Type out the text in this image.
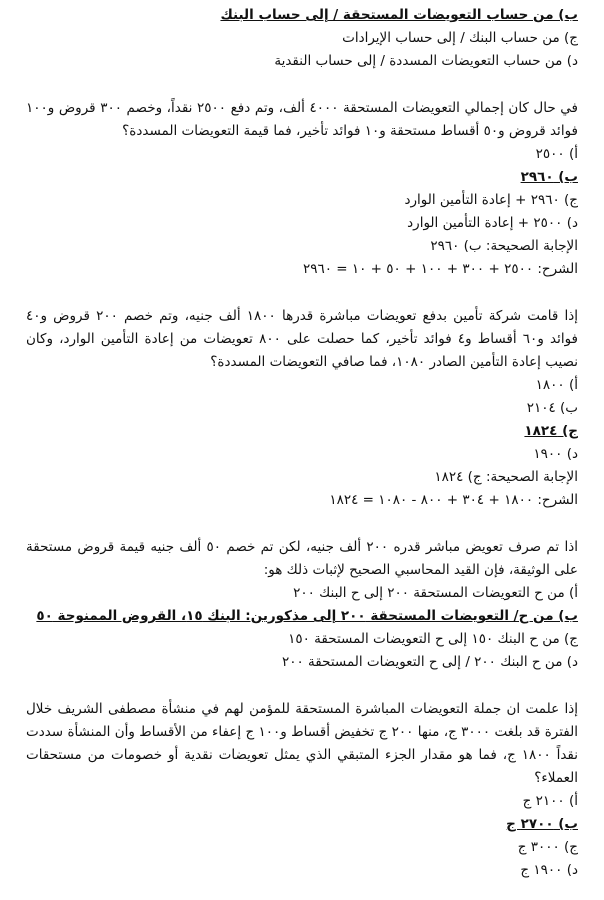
ب) من حساب التعويضات المستحقة / إلى حساب البنك
ج) من حساب البنك / إلى حساب الإيرادات
د) من حساب التعويضات المسددة / إلى حساب النقدية
في حال كان إجمالي التعويضات المستحقة ٤٠٠٠ ألف، وتم دفع ٢٥٠٠ نقداً، وخصم ٣٠٠ قروض و١٠٠ فوائد قروض و٥٠ أقساط مستحقة و١٠ فوائد تأخير، فما قيمة التعويضات المسددة؟
أ) ٢٥٠٠
ب) ٢٩٦٠
ج) ٢٩٦٠ + إعادة التأمين الوارد
د) ٢٥٠٠ + إعادة التأمين الوارد
الإجابة الصحيحة: ب) ٢٩٦٠
الشرح: ٢٥٠٠ + ٣٠٠ + ١٠٠ + ٥٠ + ١٠ = ٢٩٦٠
إذا قامت شركة تأمين بدفع تعويضات مباشرة قدرها ١٨٠٠ ألف جنيه، وتم خصم ٢٠٠ قروض و٤٠ فوائد و٦٠ أقساط و٤ فوائد تأخير، كما حصلت على ٨٠٠ تعويضات من إعادة التأمين الوارد، وكان نصيب إعادة التأمين الصادر ١٠٨٠، فما صافي التعويضات المسددة؟
أ) ١٨٠٠
ب) ٢١٠٤
ج) ١٨٢٤
د) ١٩٠٠
الإجابة الصحيحة: ج) ١٨٢٤
الشرح: ١٨٠٠ + ٣٠٤ + ٨٠٠ - ١٠٨٠ = ١٨٢٤
اذا تم صرف تعويض مباشر قدره ٢٠٠ ألف جنيه، لكن تم خصم ٥٠ ألف جنيه قيمة قروض مستحقة على الوثيقة، فإن القيد المحاسبي الصحيح لإثبات ذلك هو:
أ) من ح التعويضات المستحقة ٢٠٠ إلى ح البنك ٢٠٠
ب) من ح/ التعويضات المستحقة ٢٠٠ إلى مذكورين: البنك ١٥، القروض الممنوحة ٥٠
ج) من ح البنك ١٥٠ إلى ح التعويضات المستحقة ١٥٠
د) من ح البنك ٢٠٠ / إلى ح التعويضات المستحقة ٢٠٠
إذا علمت ان جملة التعويضات المباشرة المستحقة للمؤمن لهم في منشأة مصطفى الشريف خلال الفترة قد بلغت ٣٠٠٠ ج، منها ٢٠٠ ج تخفيض أقساط و١٠٠ ج إعفاء من الأقساط وأن المنشأة سددت نقداً ١٨٠٠ ج، فما هو مقدار الجزء المتبقي الذي يمثل تعويضات نقدية أو خصومات من مستحقات العملاء؟
أ) ٢١٠٠ ج
ب) ٢٧٠٠ ج
ج) ٣٠٠٠ ج
د) ١٩٠٠ ج
